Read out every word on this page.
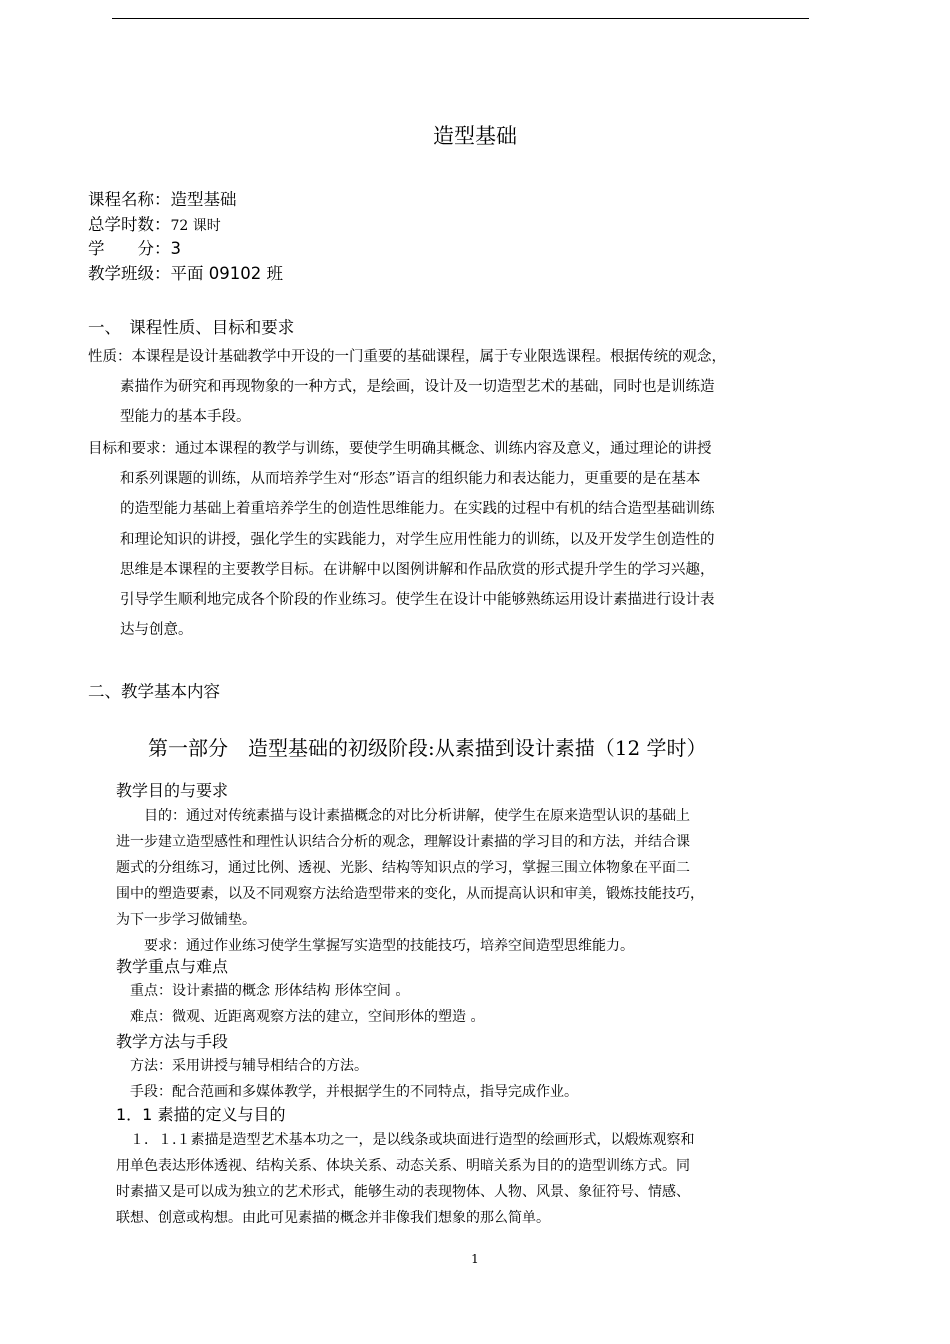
造型基础
课程名称：造型基础
总学时数：72 课时
学　　分：3
教学班级：平面 09102 班
一、　课程性质、目标和要求
性质：本课程是设计基础教学中开设的一门重要的基础课程，属于专业限选课程。根据传统的观念，
素描作为研究和再现物象的一种方式，是绘画，设计及一切造型艺术的基础，同时也是训练造
型能力的基本手段。
目标和要求：通过本课程的教学与训练，要使学生明确其概念、训练内容及意义，通过理论的讲授
和系列课题的训练，从而培养学生对“形态”语言的组织能力和表达能力，更重要的是在基本
的造型能力基础上着重培养学生的创造性思维能力。在实践的过程中有机的结合造型基础训练
和理论知识的讲授，强化学生的实践能力，对学生应用性能力的训练，以及开发学生创造性的
思维是本课程的主要教学目标。在讲解中以图例讲解和作品欣赏的形式提升学生的学习兴趣，
引导学生顺利地完成各个阶段的作业练习。使学生在设计中能够熟练运用设计素描进行设计表
达与创意。
二、教学基本内容
第一部分　造型基础的初级阶段:从素描到设计素描（12 学时）
教学目的与要求
　　目的：通过对传统素描与设计素描概念的对比分析讲解，使学生在原来造型认识的基础上
进一步建立造型感性和理性认识结合分析的观念，理解设计素描的学习目的和方法，并结合课
题式的分组练习，通过比例、透视、光影、结构等知识点的学习，掌握三围立体物象在平面二
围中的塑造要素，以及不同观察方法给造型带来的变化，从而提高认识和审美，锻炼技能技巧，
为下一步学习做铺垫。
　　要求：通过作业练习使学生掌握写实造型的技能技巧，培养空间造型思维能力。
教学重点与难点
　重点：设计素描的概念 形体结构 形体空间 。
　难点：微观、近距离观察方法的建立，空间形体的塑造 。
教学方法与手段
　方法：采用讲授与辅导相结合的方法。
　手段：配合范画和多媒体教学，并根据学生的不同特点，指导完成作业。
1．1 素描的定义与目的
　１．１.１素描是造型艺术基本功之一，是以线条或块面进行造型的绘画形式，以煅炼观察和
用单色表达形体透视、结构关系、体块关系、动态关系、明暗关系为目的的造型训练方式。同
时素描又是可以成为独立的艺术形式，能够生动的表现物体、人物、风景、象征符号、情感、
联想、创意或构想。由此可见素描的概念并非像我们想象的那么简单。
1
